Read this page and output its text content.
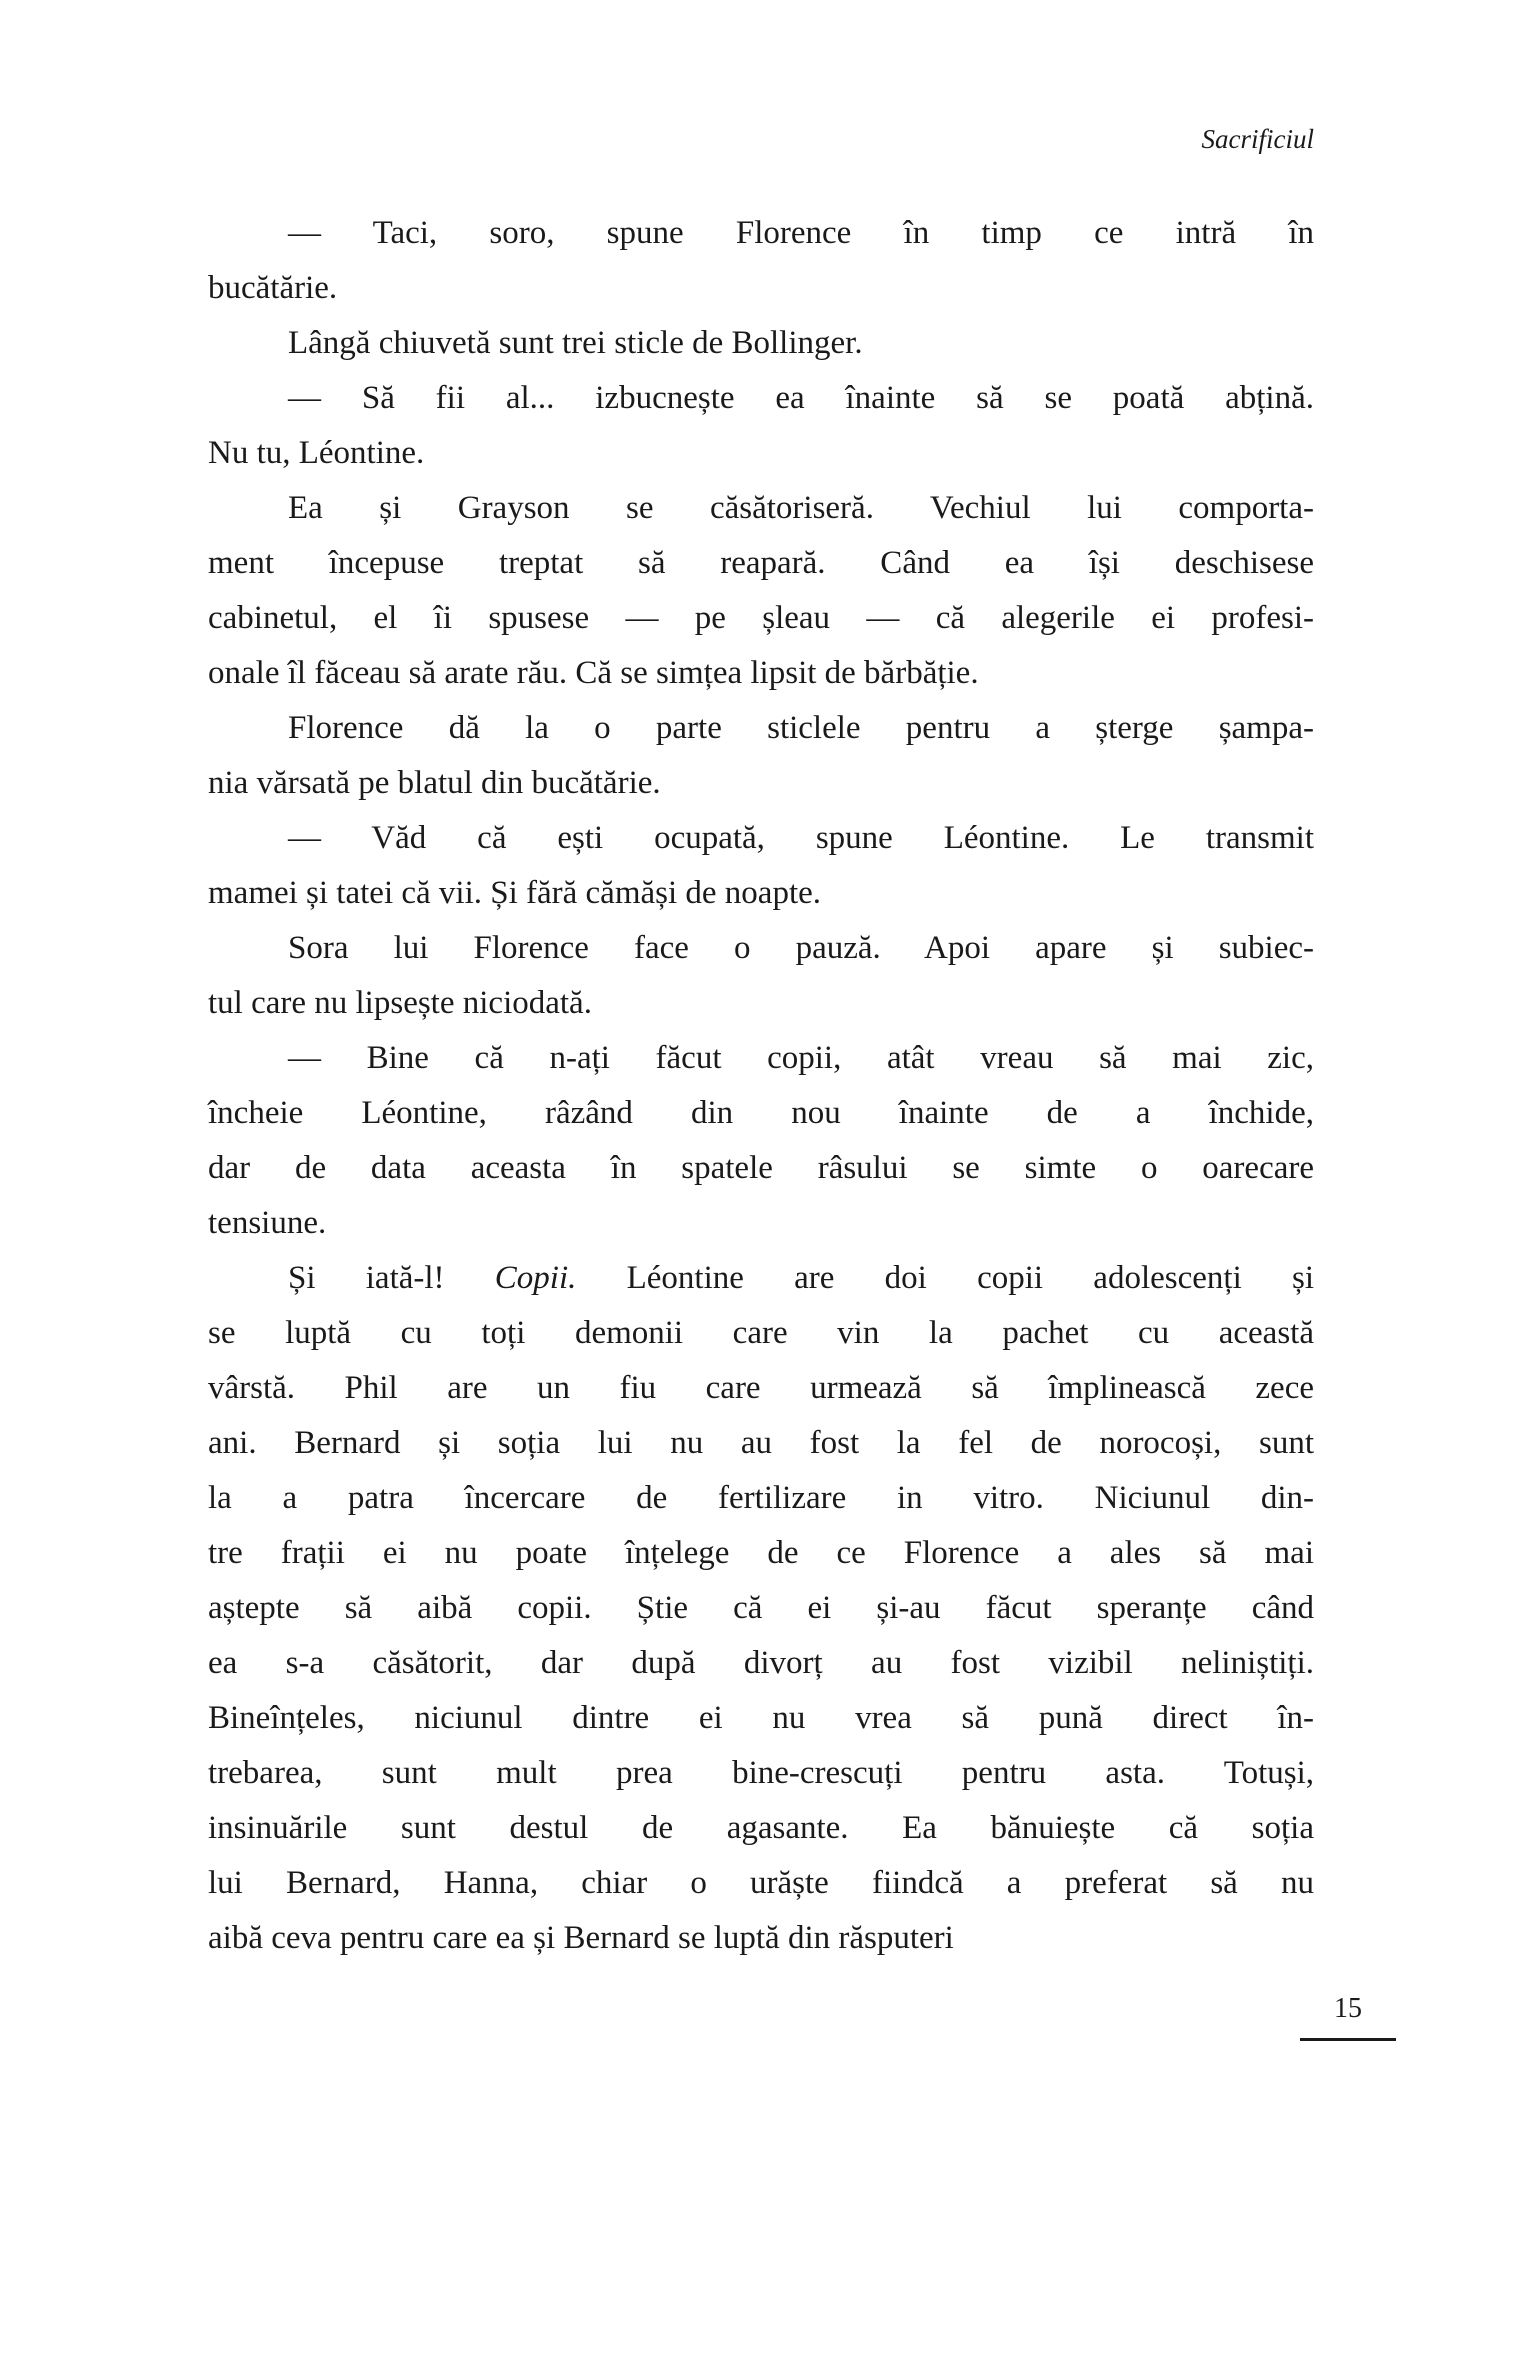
Sacrificiul

— Taci, soro, spune Florence în timp ce intră în
bucătărie.

Lângă chiuvetă sunt trei sticle de Bollinger.

— Să fii al... izbucnește ea înainte să se poată abțină.
Nu tu, Léontine.

Ea și Grayson se căsătoriseră. Vechiul lui comporta-
ment începuse treptat să reapară. Când ea își deschisese
cabinetul, el îi spusese — pe șleau — că alegerile ei profesi-
onale îl făceau să arate rău. Că se simțea lipsit de bărbăție.

Florence dă la o parte sticlele pentru a șterge șampa-
nia vărsată pe blatul din bucătărie.

— Văd că ești ocupată, spune Léontine. Le transmit
mamei și tatei că vii. Și fără cămăși de noapte.

Sora lui Florence face o pauză. Apoi apare și subiec-
tul care nu lipsește niciodată.

— Bine că n-ați făcut copii, atât vreau să mai zic,
încheie Léontine, râzând din nou înainte de a închide,
dar de data aceasta în spatele râsului se simte o oarecare
tensiune.

Și iată-l! Copii. Léontine are doi copii adolescenți și
se luptă cu toți demonii care vin la pachet cu această
vârstă. Phil are un fiu care urmează să împlinească zece
ani. Bernard și soția lui nu au fost la fel de norocoși, sunt
la a patra încercare de fertilizare in vitro. Niciunul din-
tre frații ei nu poate înțelege de ce Florence a ales să mai
aștepte să aibă copii. Știe că ei și-au făcut speranțe când
ea s-a căsătorit, dar după divorț au fost vizibil neliniștiți.
Bineînțeles, niciunul dintre ei nu vrea să pună direct în-
trebarea, sunt mult prea bine-crescuți pentru asta. Totuși,
insinuările sunt destul de agasante. Ea bănuiește că soția
lui Bernard, Hanna, chiar o urăște fiindcă a preferat să nu
aibă ceva pentru care ea și Bernard se luptă din răsputeri

15
